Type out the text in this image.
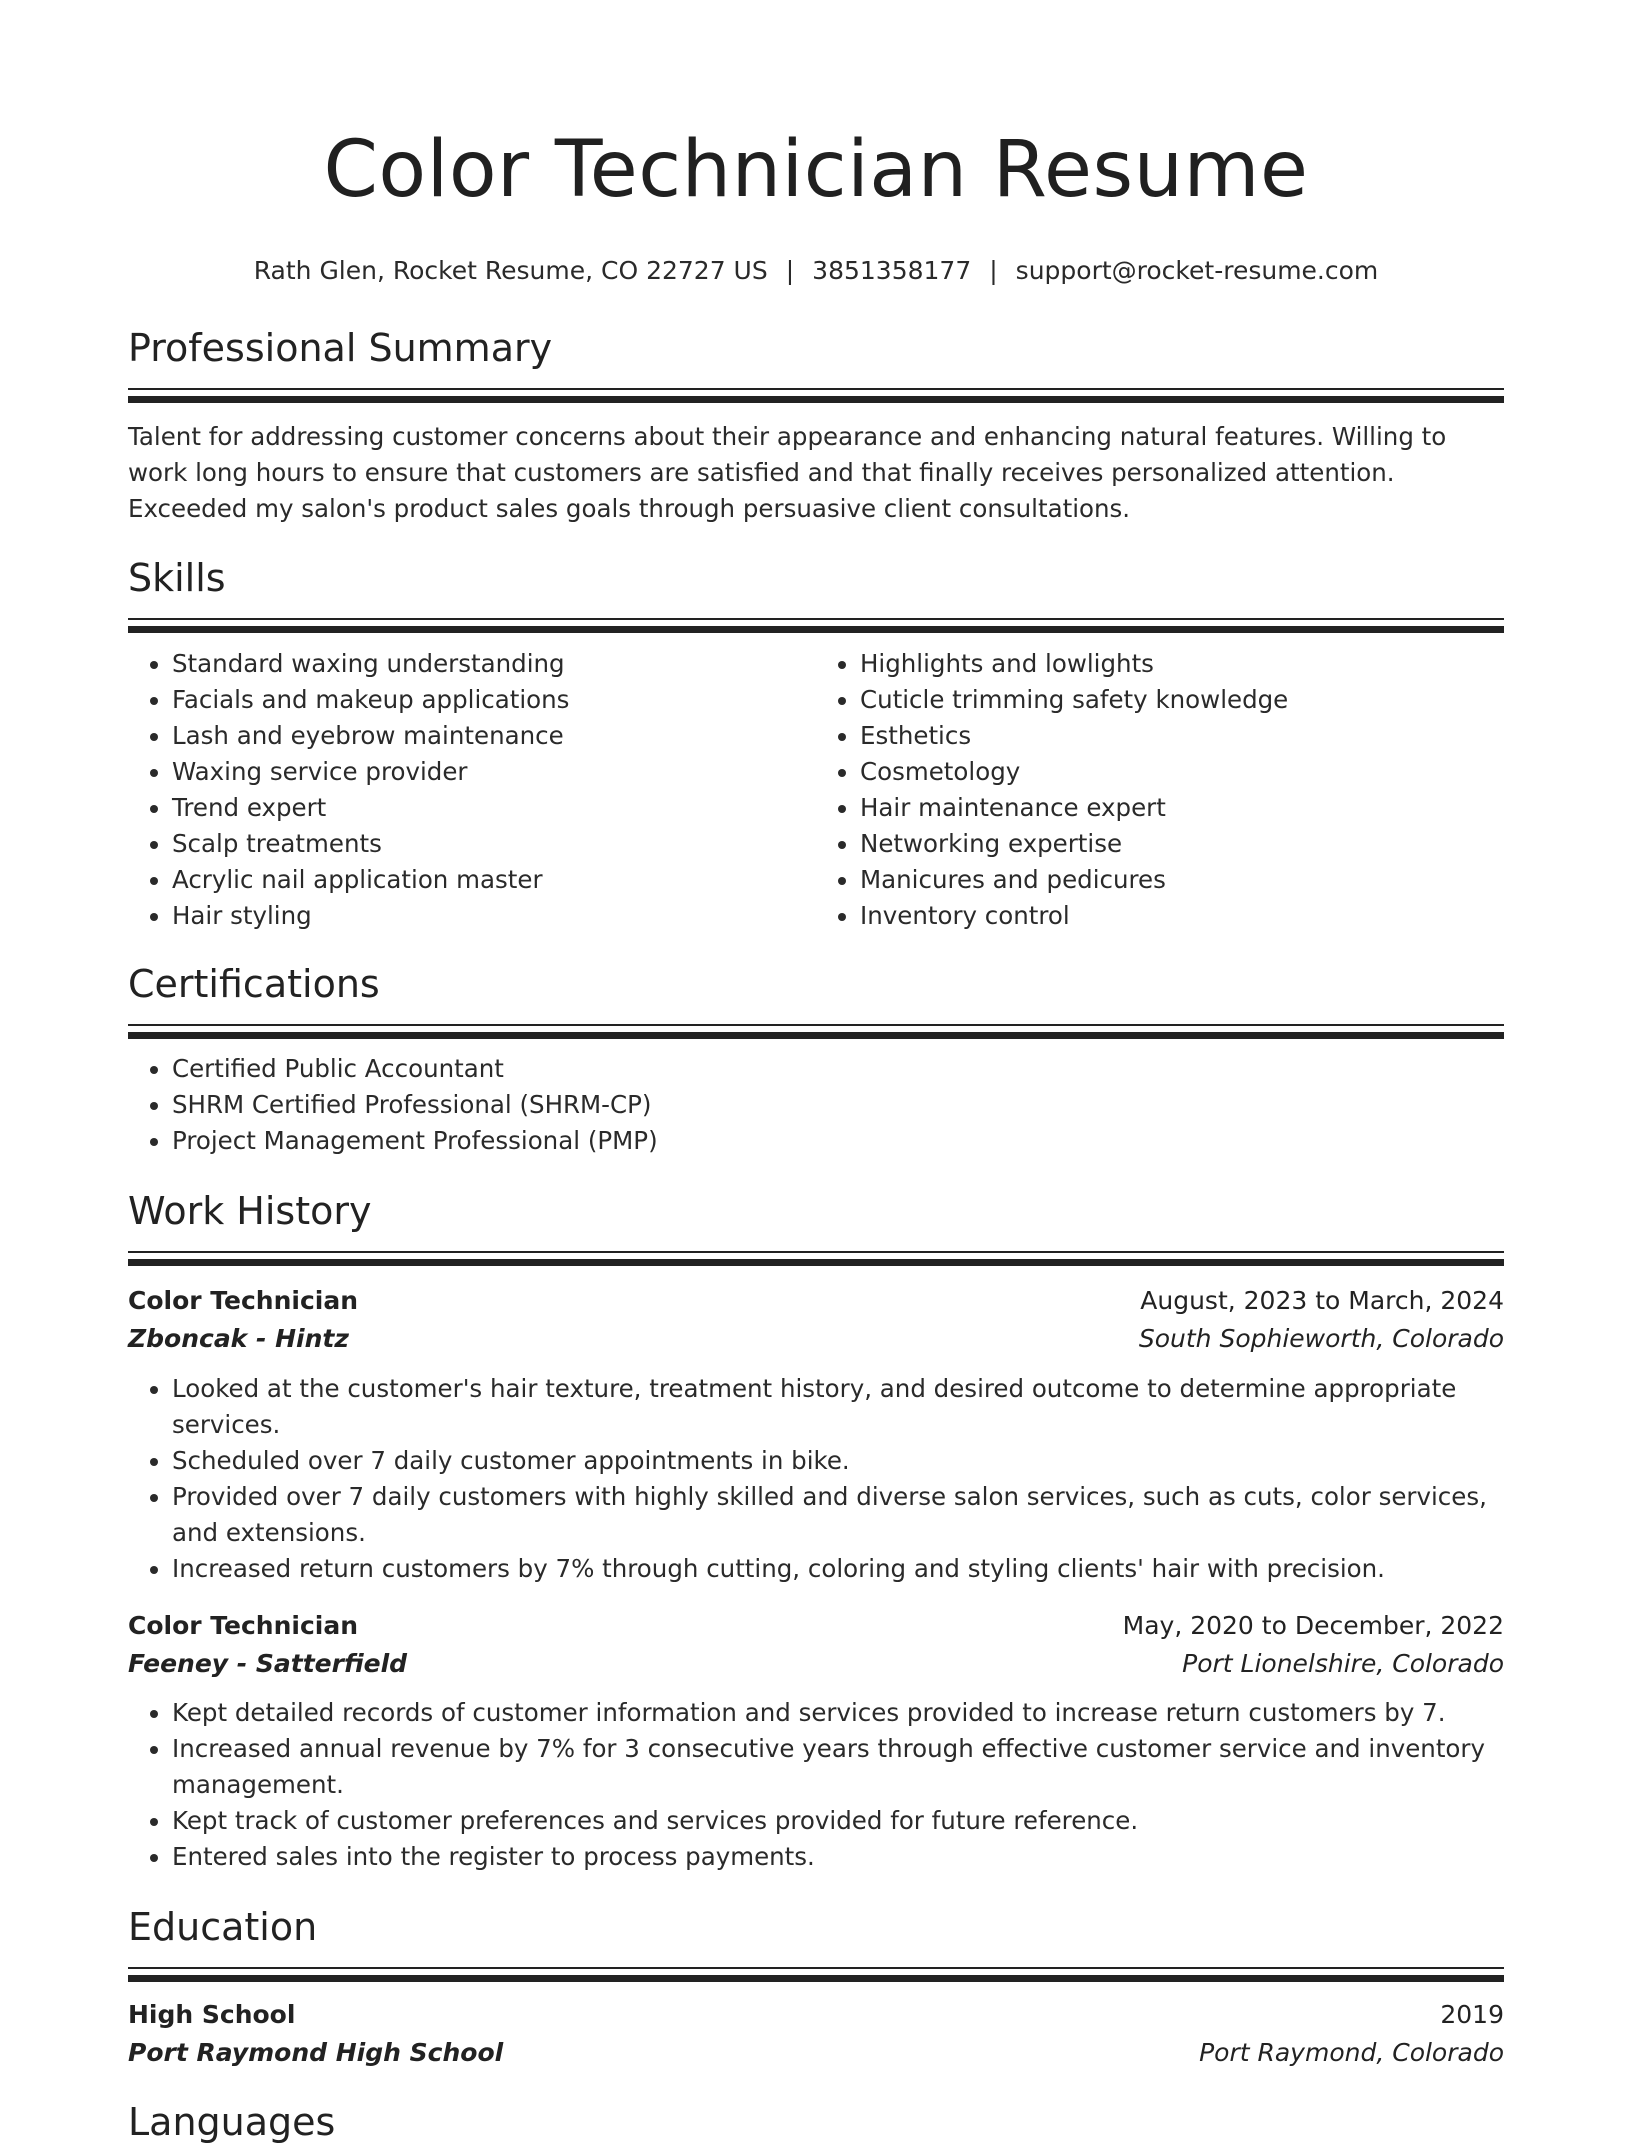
Color Technician Resume
Rath Glen, Rocket Resume, CO 22727 US | 3851358177 | support@rocket-resume.com
Professional Summary
Talent for addressing customer concerns about their appearance and enhancing natural features. Willing to work long hours to ensure that customers are satisfied and that finally receives personalized attention. Exceeded my salon's product sales goals through persuasive client consultations.
Skills
• Standard waxing understanding
• Facials and makeup applications
• Lash and eyebrow maintenance
• Waxing service provider
• Trend expert
• Scalp treatments
• Acrylic nail application master
• Hair styling
• Highlights and lowlights
• Cuticle trimming safety knowledge
• Esthetics
• Cosmetology
• Hair maintenance expert
• Networking expertise
• Manicures and pedicures
• Inventory control
Certifications
• Certified Public Accountant
• SHRM Certified Professional (SHRM-CP)
• Project Management Professional (PMP)
Work History
Color Technician	August, 2023 to March, 2024
Zboncak - Hintz	South Sophieworth, Colorado
• Looked at the customer's hair texture, treatment history, and desired outcome to determine appropriate services.
• Scheduled over 7 daily customer appointments in bike.
• Provided over 7 daily customers with highly skilled and diverse salon services, such as cuts, color services, and extensions.
• Increased return customers by 7% through cutting, coloring and styling clients' hair with precision.
Color Technician	May, 2020 to December, 2022
Feeney - Satterfield	Port Lionelshire, Colorado
• Kept detailed records of customer information and services provided to increase return customers by 7.
• Increased annual revenue by 7% for 3 consecutive years through effective customer service and inventory management.
• Kept track of customer preferences and services provided for future reference.
• Entered sales into the register to process payments.
Education
High School	2019
Port Raymond High School	Port Raymond, Colorado
Languages
